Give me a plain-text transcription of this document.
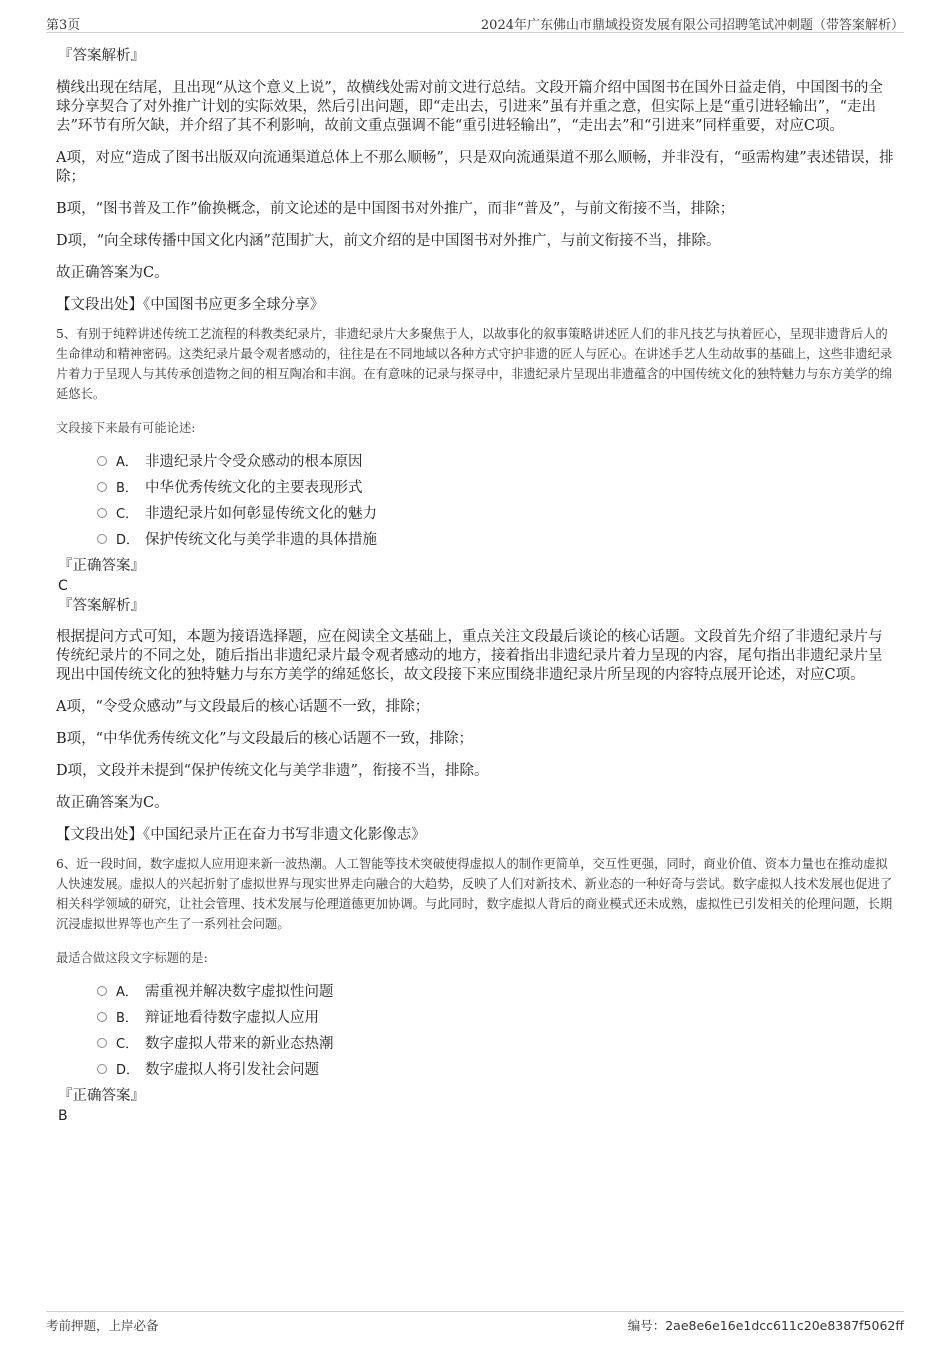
第3页	2024年广东佛山市鼎域投资发展有限公司招聘笔试冲刺题（带答案解析）
『答案解析』

横线出现在结尾，且出现“从这个意义上说”，故横线处需对前文进行总结。文段开篇介绍中国图书在国外日益走俏，中国图书的全球分享契合了对外推广计划的实际效果，然后引出问题，即“走出去，引进来”虽有并重之意，但实际上是“重引进轻输出”，“走出去”环节有所欠缺，并介绍了其不利影响，故前文重点强调不能“重引进轻输出”，“走出去”和“引进来”同样重要，对应C项。

A项，对应“造成了图书出版双向流通渠道总体上不那么顺畅”，只是双向流通渠道不那么顺畅，并非没有，“亟需构建”表述错误，排除；

B项，“图书普及工作”偷换概念，前文论述的是中国图书对外推广，而非“普及”，与前文衔接不当，排除；

D项，“向全球传播中国文化内涵”范围扩大，前文介绍的是中国图书对外推广，与前文衔接不当，排除。

故正确答案为C。

【文段出处】《中国图书应更多全球分享》

5、有别于纯粹讲述传统工艺流程的科教类纪录片，非遗纪录片大多聚焦于人，以故事化的叙事策略讲述匠人们的非凡技艺与执着匠心，呈现非遗背后人的生命律动和精神密码。这类纪录片最令观者感动的，往往是在不同地域以各种方式守护非遗的匠人与匠心。在讲述手艺人生动故事的基础上，这些非遗纪录片着力于呈现人与其传承创造物之间的相互陶冶和丰润。在有意味的记录与探寻中，非遗纪录片呈现出非遗蕴含的中国传统文化的独特魅力与东方美学的绵延悠长。

文段接下来最有可能论述:
A． 非遗纪录片令受众感动的根本原因
B． 中华优秀传统文化的主要表现形式
C． 非遗纪录片如何彰显传统文化的魅力
D． 保护传统文化与美学非遗的具体措施
『正确答案』
C
『答案解析』

根据提问方式可知，本题为接语选择题，应在阅读全文基础上，重点关注文段最后谈论的核心话题。文段首先介绍了非遗纪录片与传统纪录片的不同之处，随后指出非遗纪录片最令观者感动的地方，接着指出非遗纪录片着力呈现的内容，尾句指出非遗纪录片呈现出中国传统文化的独特魅力与东方美学的绵延悠长，故文段接下来应围绕非遗纪录片所呈现的内容特点展开论述，对应C项。

A项，“令受众感动”与文段最后的核心话题不一致，排除；

B项，“中华优秀传统文化”与文段最后的核心话题不一致，排除；

D项，文段并未提到“保护传统文化与美学非遗”，衔接不当，排除。

故正确答案为C。

【文段出处】《中国纪录片正在奋力书写非遗文化影像志》

6、近一段时间，数字虚拟人应用迎来新一波热潮。人工智能等技术突破使得虚拟人的制作更简单，交互性更强，同时，商业价值、资本力量也在推动虚拟人快速发展。虚拟人的兴起折射了虚拟世界与现实世界走向融合的大趋势，反映了人们对新技术、新业态的一种好奇与尝试。数字虚拟人技术发展也促进了相关科学领域的研究，让社会管理、技术发展与伦理道德更加协调。与此同时，数字虚拟人背后的商业模式还未成熟，虚拟性已引发相关的伦理问题，长期沉浸虚拟世界等也产生了一系列社会问题。

最适合做这段文字标题的是:
A． 需重视并解决数字虚拟性问题
B． 辩证地看待数字虚拟人应用
C． 数字虚拟人带来的新业态热潮
D． 数字虚拟人将引发社会问题
『正确答案』
B
考前押题，上岸必备	编号：2ae8e6e16e1dcc611c20e8387f5062ff
